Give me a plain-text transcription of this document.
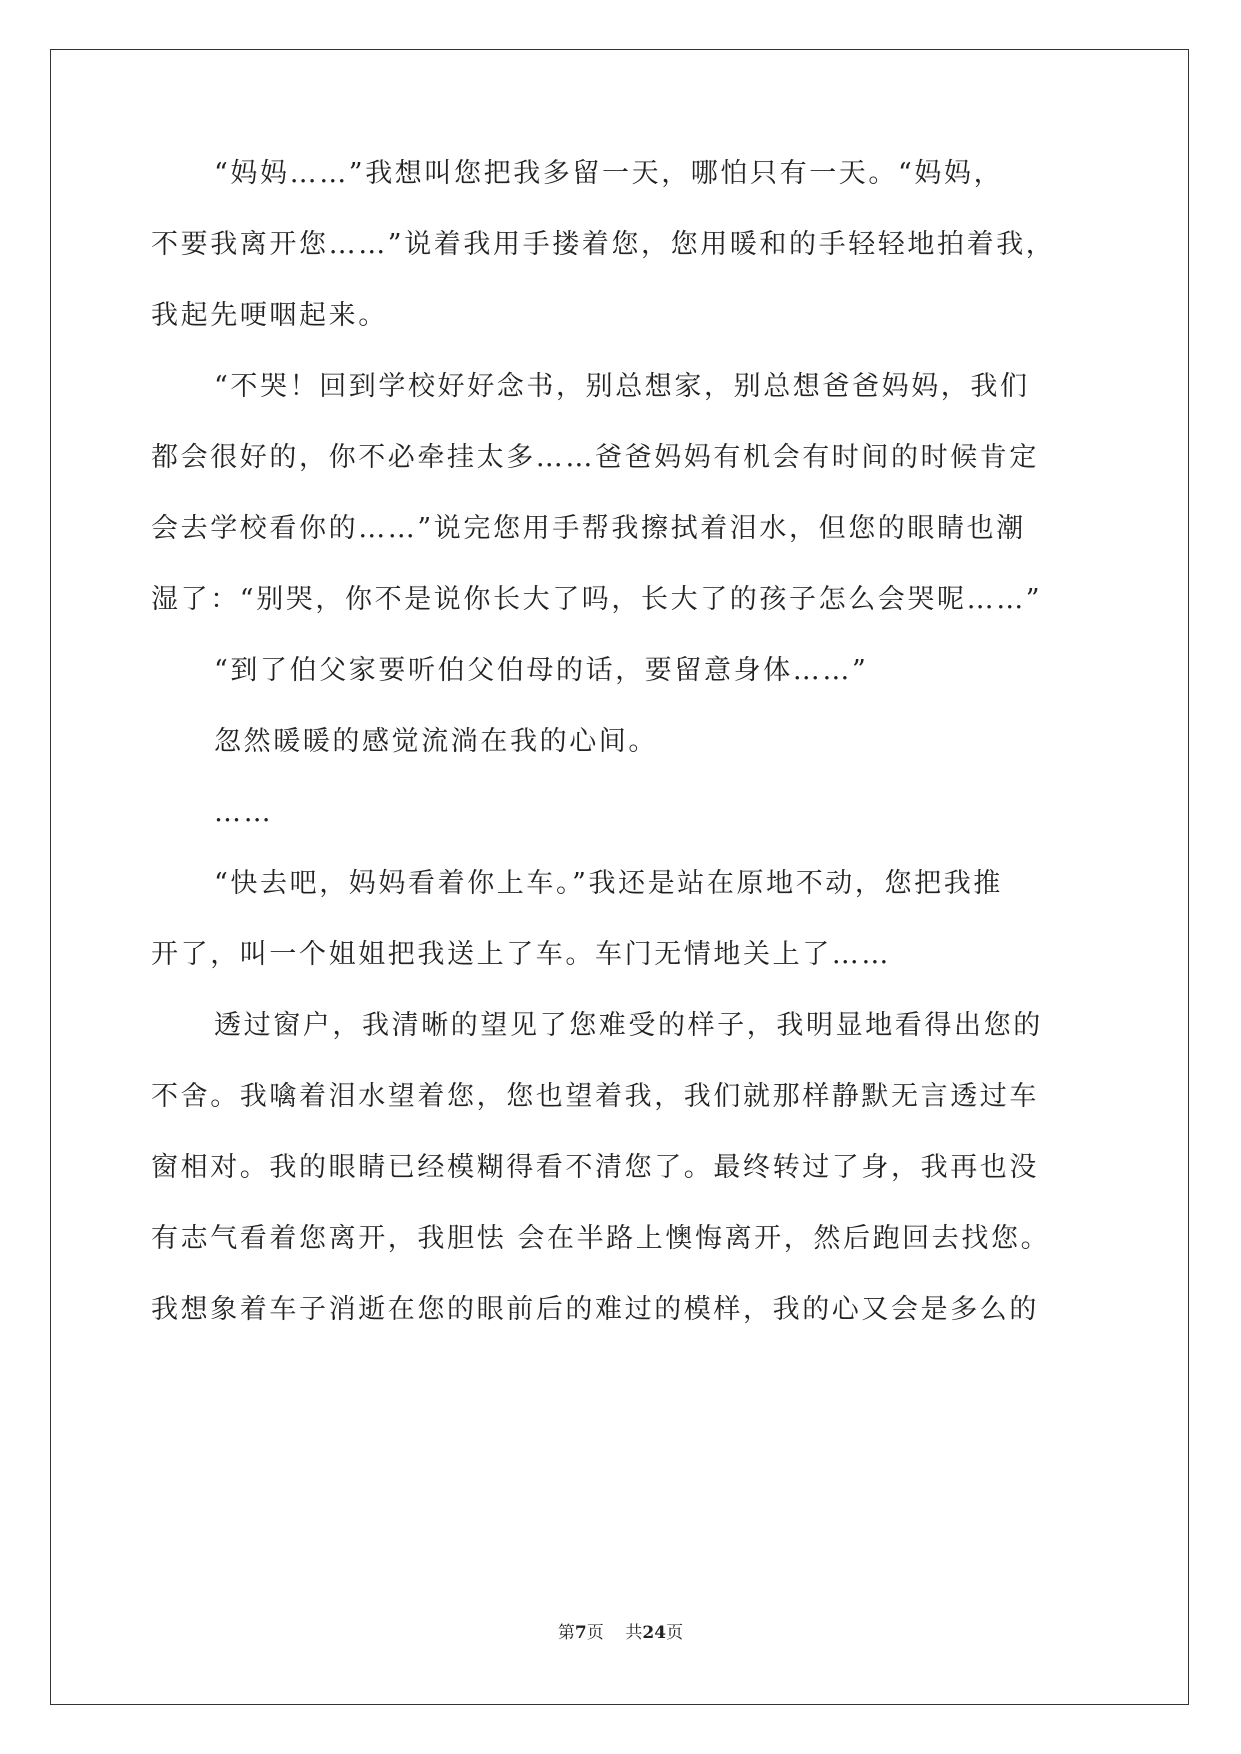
“妈妈……”我想叫您把我多留一天，哪怕只有一天。“妈妈，
不要我离开您……”说着我用手搂着您，您用暖和的手轻轻地拍着我，
我起先哽咽起来。
“不哭！回到学校好好念书，别总想家，别总想爸爸妈妈，我们
都会很好的，你不必牵挂太多……爸爸妈妈有机会有时间的时候肯定
会去学校看你的……”说完您用手帮我擦拭着泪水，但您的眼睛也潮
湿了：“别哭，你不是说你长大了吗，长大了的孩子怎么会哭呢……”
“到了伯父家要听伯父伯母的话，要留意身体……”
忽然暖暖的感觉流淌在我的心间。
……
“快去吧，妈妈看着你上车。”我还是站在原地不动，您把我推
开了，叫一个姐姐把我送上了车。车门无情地关上了……
透过窗户，我清晰的望见了您难受的样子，我明显地看得出您的
不舍。我噙着泪水望着您，您也望着我，我们就那样静默无言透过车
窗相对。我的眼睛已经模糊得看不清您了。最终转过了身，我再也没
有志气看着您离开，我胆怯 会在半路上懊悔离开，然后跑回去找您。
我想象着车子消逝在您的眼前后的难过的模样，我的心又会是多么的
第7页 共24页
